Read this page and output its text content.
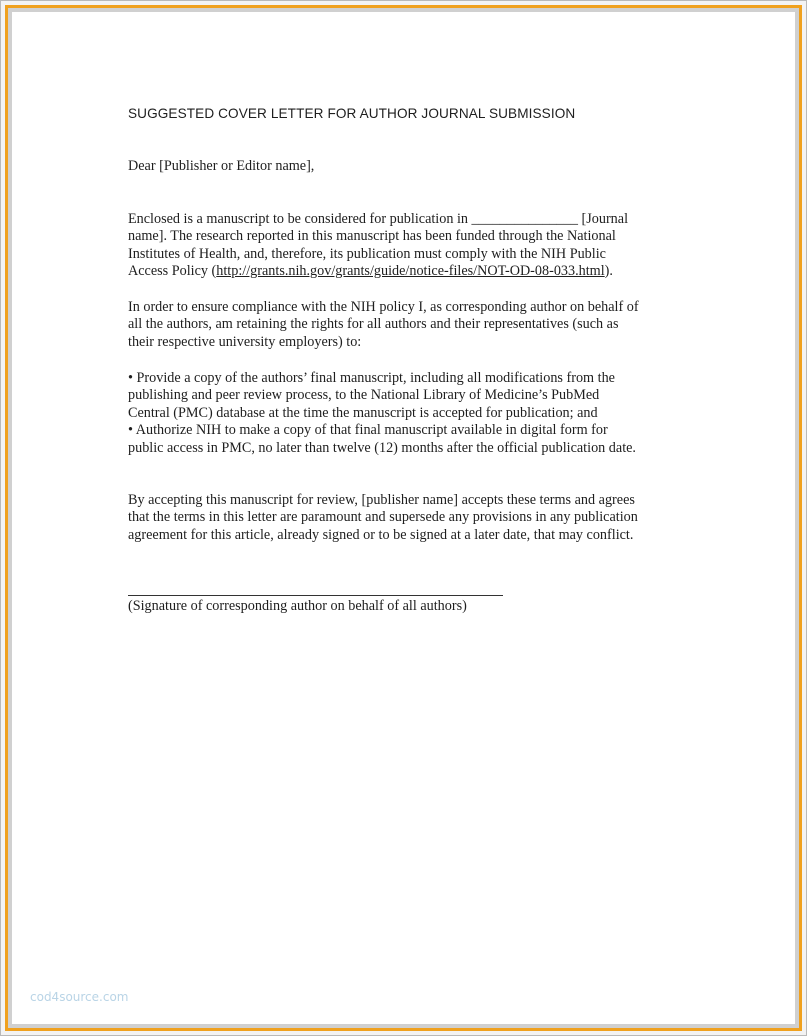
SUGGESTED COVER LETTER FOR AUTHOR JOURNAL SUBMISSION
Dear [Publisher or Editor name],
Enclosed is a manuscript to be considered for publication in _______________ [Journal
name]. The research reported in this manuscript has been funded through the National
Institutes of Health, and, therefore, its publication must comply with the NIH Public
Access Policy (http://grants.nih.gov/grants/guide/notice-files/NOT-OD-08-033.html).
In order to ensure compliance with the NIH policy I, as corresponding author on behalf of
all the authors, am retaining the rights for all authors and their representatives (such as
their respective university employers) to:
• Provide a copy of the authors’ final manuscript, including all modifications from the
publishing and peer review process, to the National Library of Medicine’s PubMed
Central (PMC) database at the time the manuscript is accepted for publication; and
• Authorize NIH to make a copy of that final manuscript available in digital form for
public access in PMC, no later than twelve (12) months after the official publication date.
By accepting this manuscript for review, [publisher name] accepts these terms and agrees
that the terms in this letter are paramount and supersede any provisions in any publication
agreement for this article, already signed or to be signed at a later date, that may conflict.
(Signature of corresponding author on behalf of all authors)
cod4source.com
